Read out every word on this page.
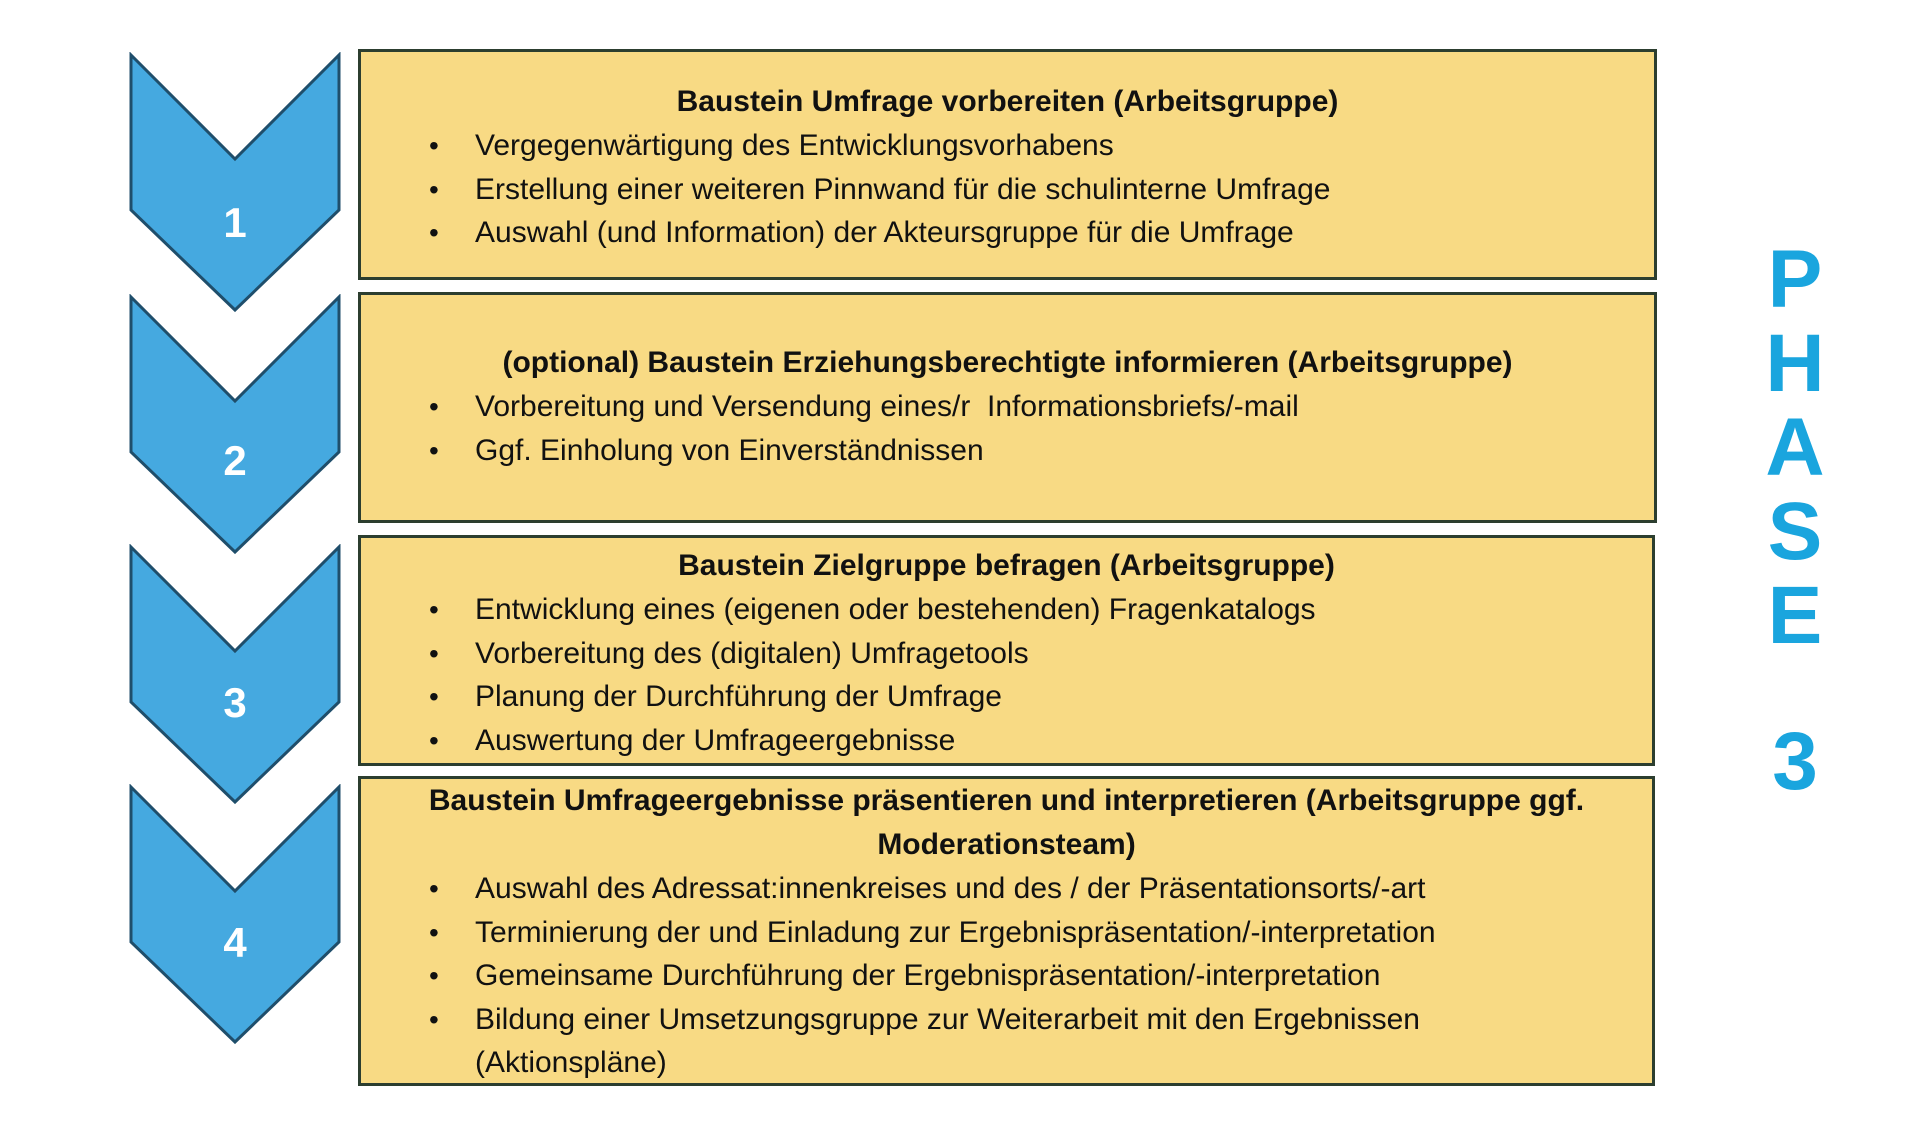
1
2
3
4

Baustein Umfrage vorbereiten (Arbeitsgruppe)

• Vergegenwärtigung des Entwicklungsvorhabens
• Erstellung einer weiteren Pinnwand für die schulinterne Umfrage
• Auswahl (und Information) der Akteursgruppe für die Umfrage

(optional) Baustein Erziehungsberechtigte informieren (Arbeitsgruppe)

• Vorbereitung und Versendung eines/r  Informationsbriefs/-mail
• Ggf. Einholung von Einverständnissen

Baustein Zielgruppe befragen (Arbeitsgruppe)

• Entwicklung eines (eigenen oder bestehenden) Fragenkatalogs
• Vorbereitung des (digitalen) Umfragetools
• Planung der Durchführung der Umfrage
• Auswertung der Umfrageergebnisse

Baustein Umfrageergebnisse präsentieren und interpretieren (Arbeitsgruppe ggf. Moderationsteam)

• Auswahl des Adressat:innenkreises und des / der Präsentationsorts/-art
• Terminierung der und Einladung zur Ergebnispräsentation/-interpretation
• Gemeinsame Durchführung der Ergebnispräsentation/-interpretation
• Bildung einer Umsetzungsgruppe zur Weiterarbeit mit den Ergebnissen (Aktionspläne)
P
H
A
S
E
3
